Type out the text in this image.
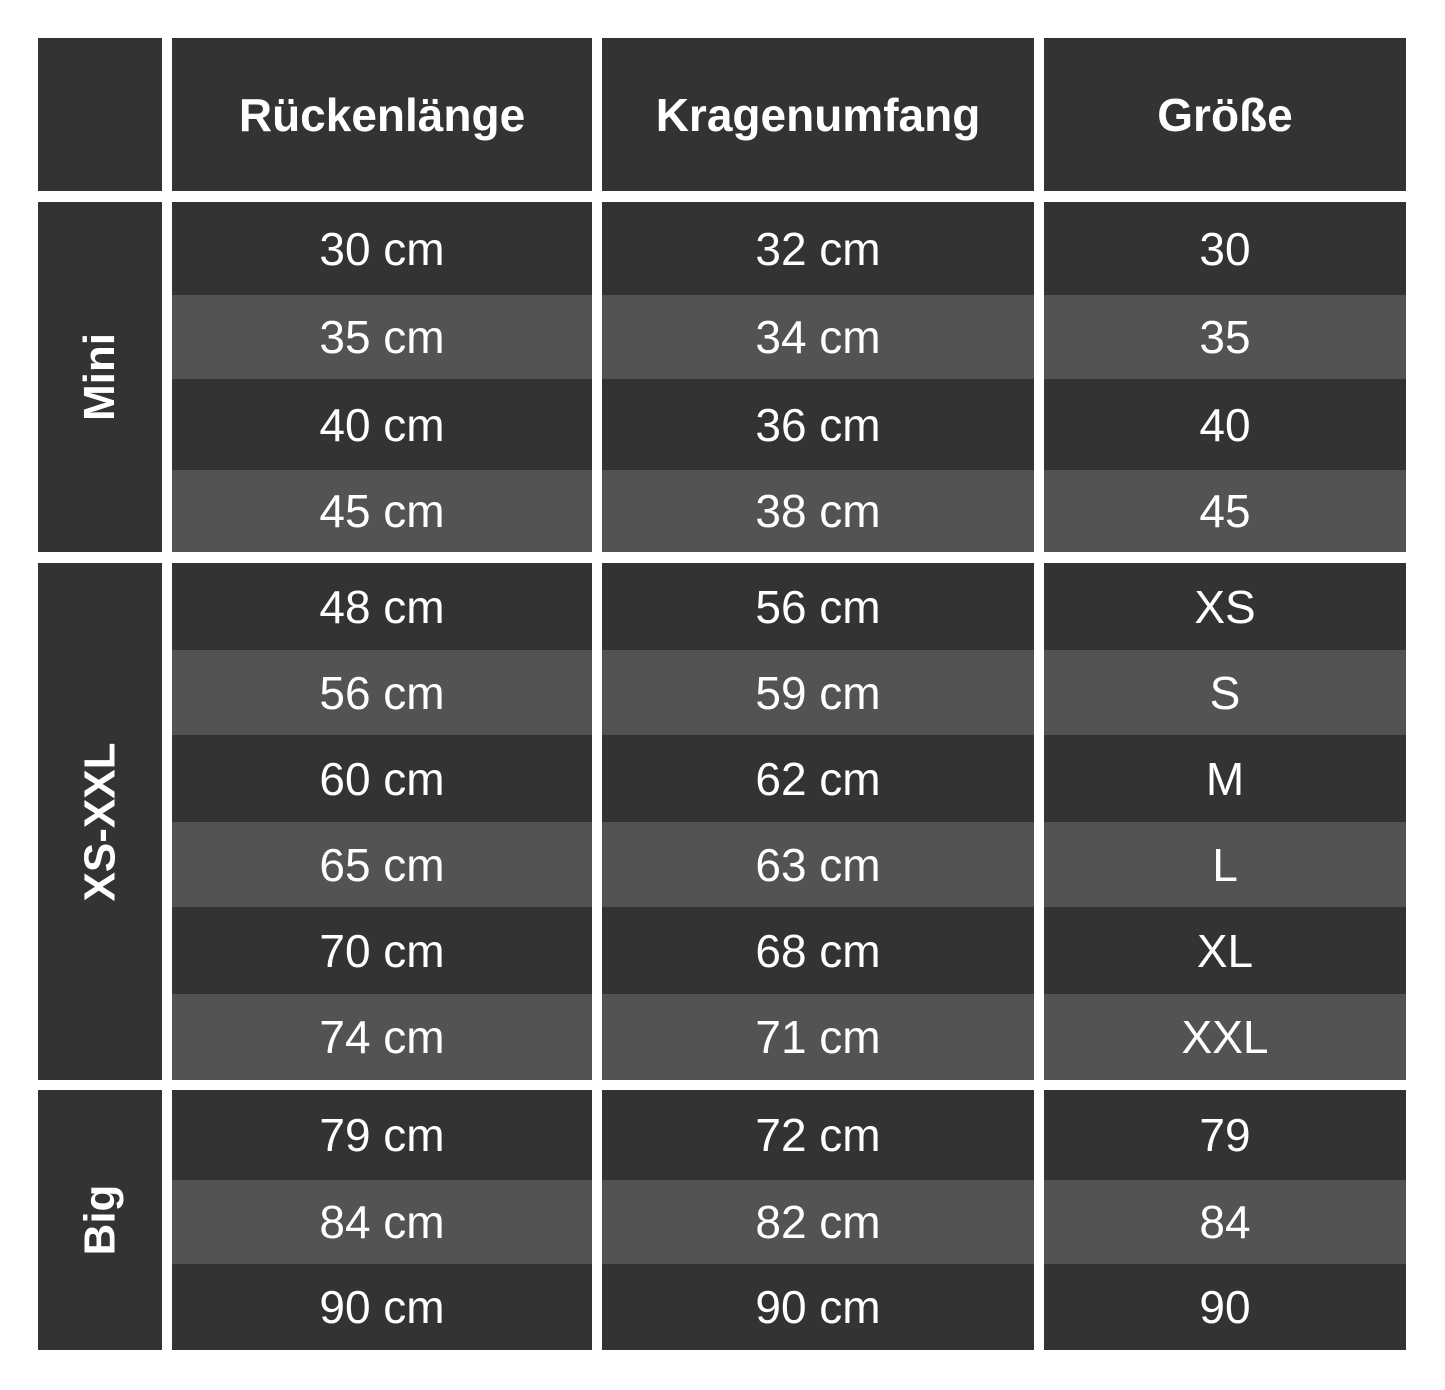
Rückenlänge	Kragenumfang	Größe
Mini
30 cm	32 cm	30
35 cm	34 cm	35
40 cm	36 cm	40
45 cm	38 cm	45
XS-XXL
48 cm	56 cm	XS
56 cm	59 cm	S
60 cm	62 cm	M
65 cm	63 cm	L
70 cm	68 cm	XL
74 cm	71 cm	XXL
Big
79 cm	72 cm	79
84 cm	82 cm	84
90 cm	90 cm	90
